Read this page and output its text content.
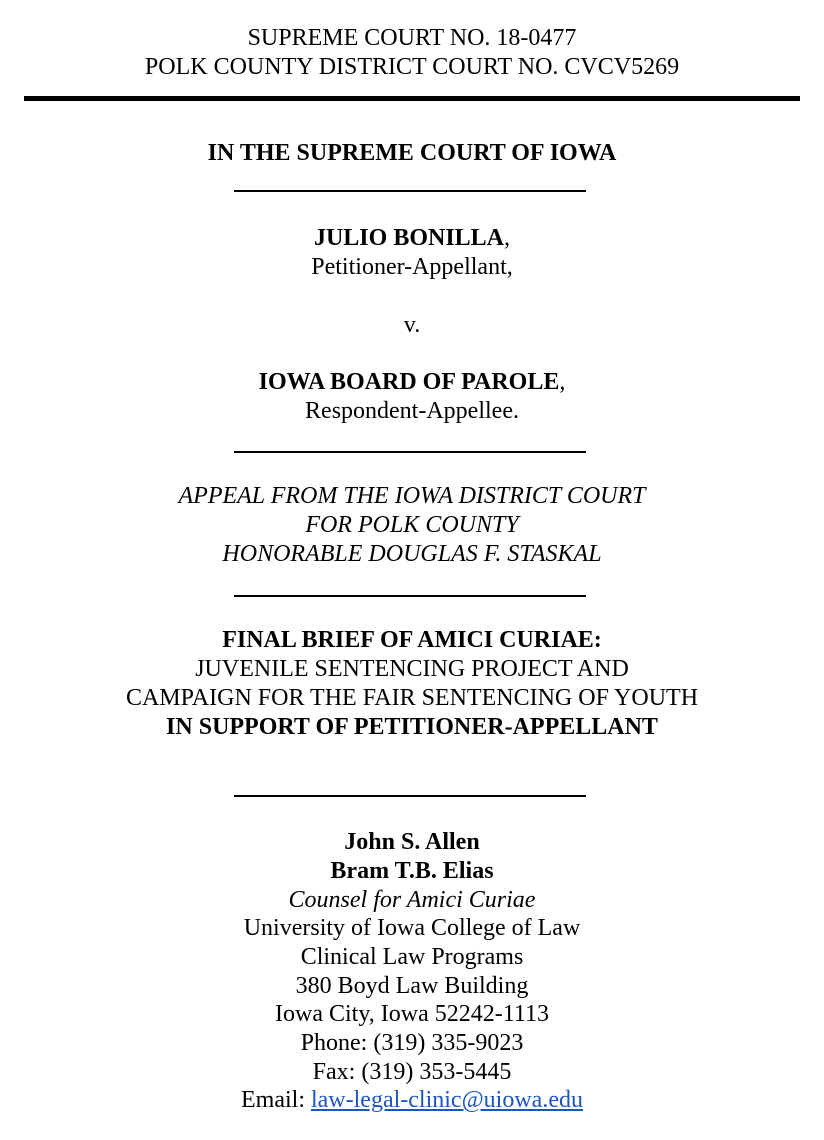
SUPREME COURT NO. 18-0477
POLK COUNTY DISTRICT COURT NO. CVCV5269
IN THE SUPREME COURT OF IOWA
JULIO BONILLA,
Petitioner-Appellant,
v.
IOWA BOARD OF PAROLE,
Respondent-Appellee.
APPEAL FROM THE IOWA DISTRICT COURT
FOR POLK COUNTY
HONORABLE DOUGLAS F. STASKAL
FINAL BRIEF OF AMICI CURIAE:
JUVENILE SENTENCING PROJECT AND
CAMPAIGN FOR THE FAIR SENTENCING OF YOUTH
IN SUPPORT OF PETITIONER-APPELLANT
John S. Allen
Bram T.B. Elias
Counsel for Amici Curiae
University of Iowa College of Law
Clinical Law Programs
380 Boyd Law Building
Iowa City, Iowa 52242-1113
Phone: (319) 335-9023
Fax: (319) 353-5445
Email: law-legal-clinic@uiowa.edu
